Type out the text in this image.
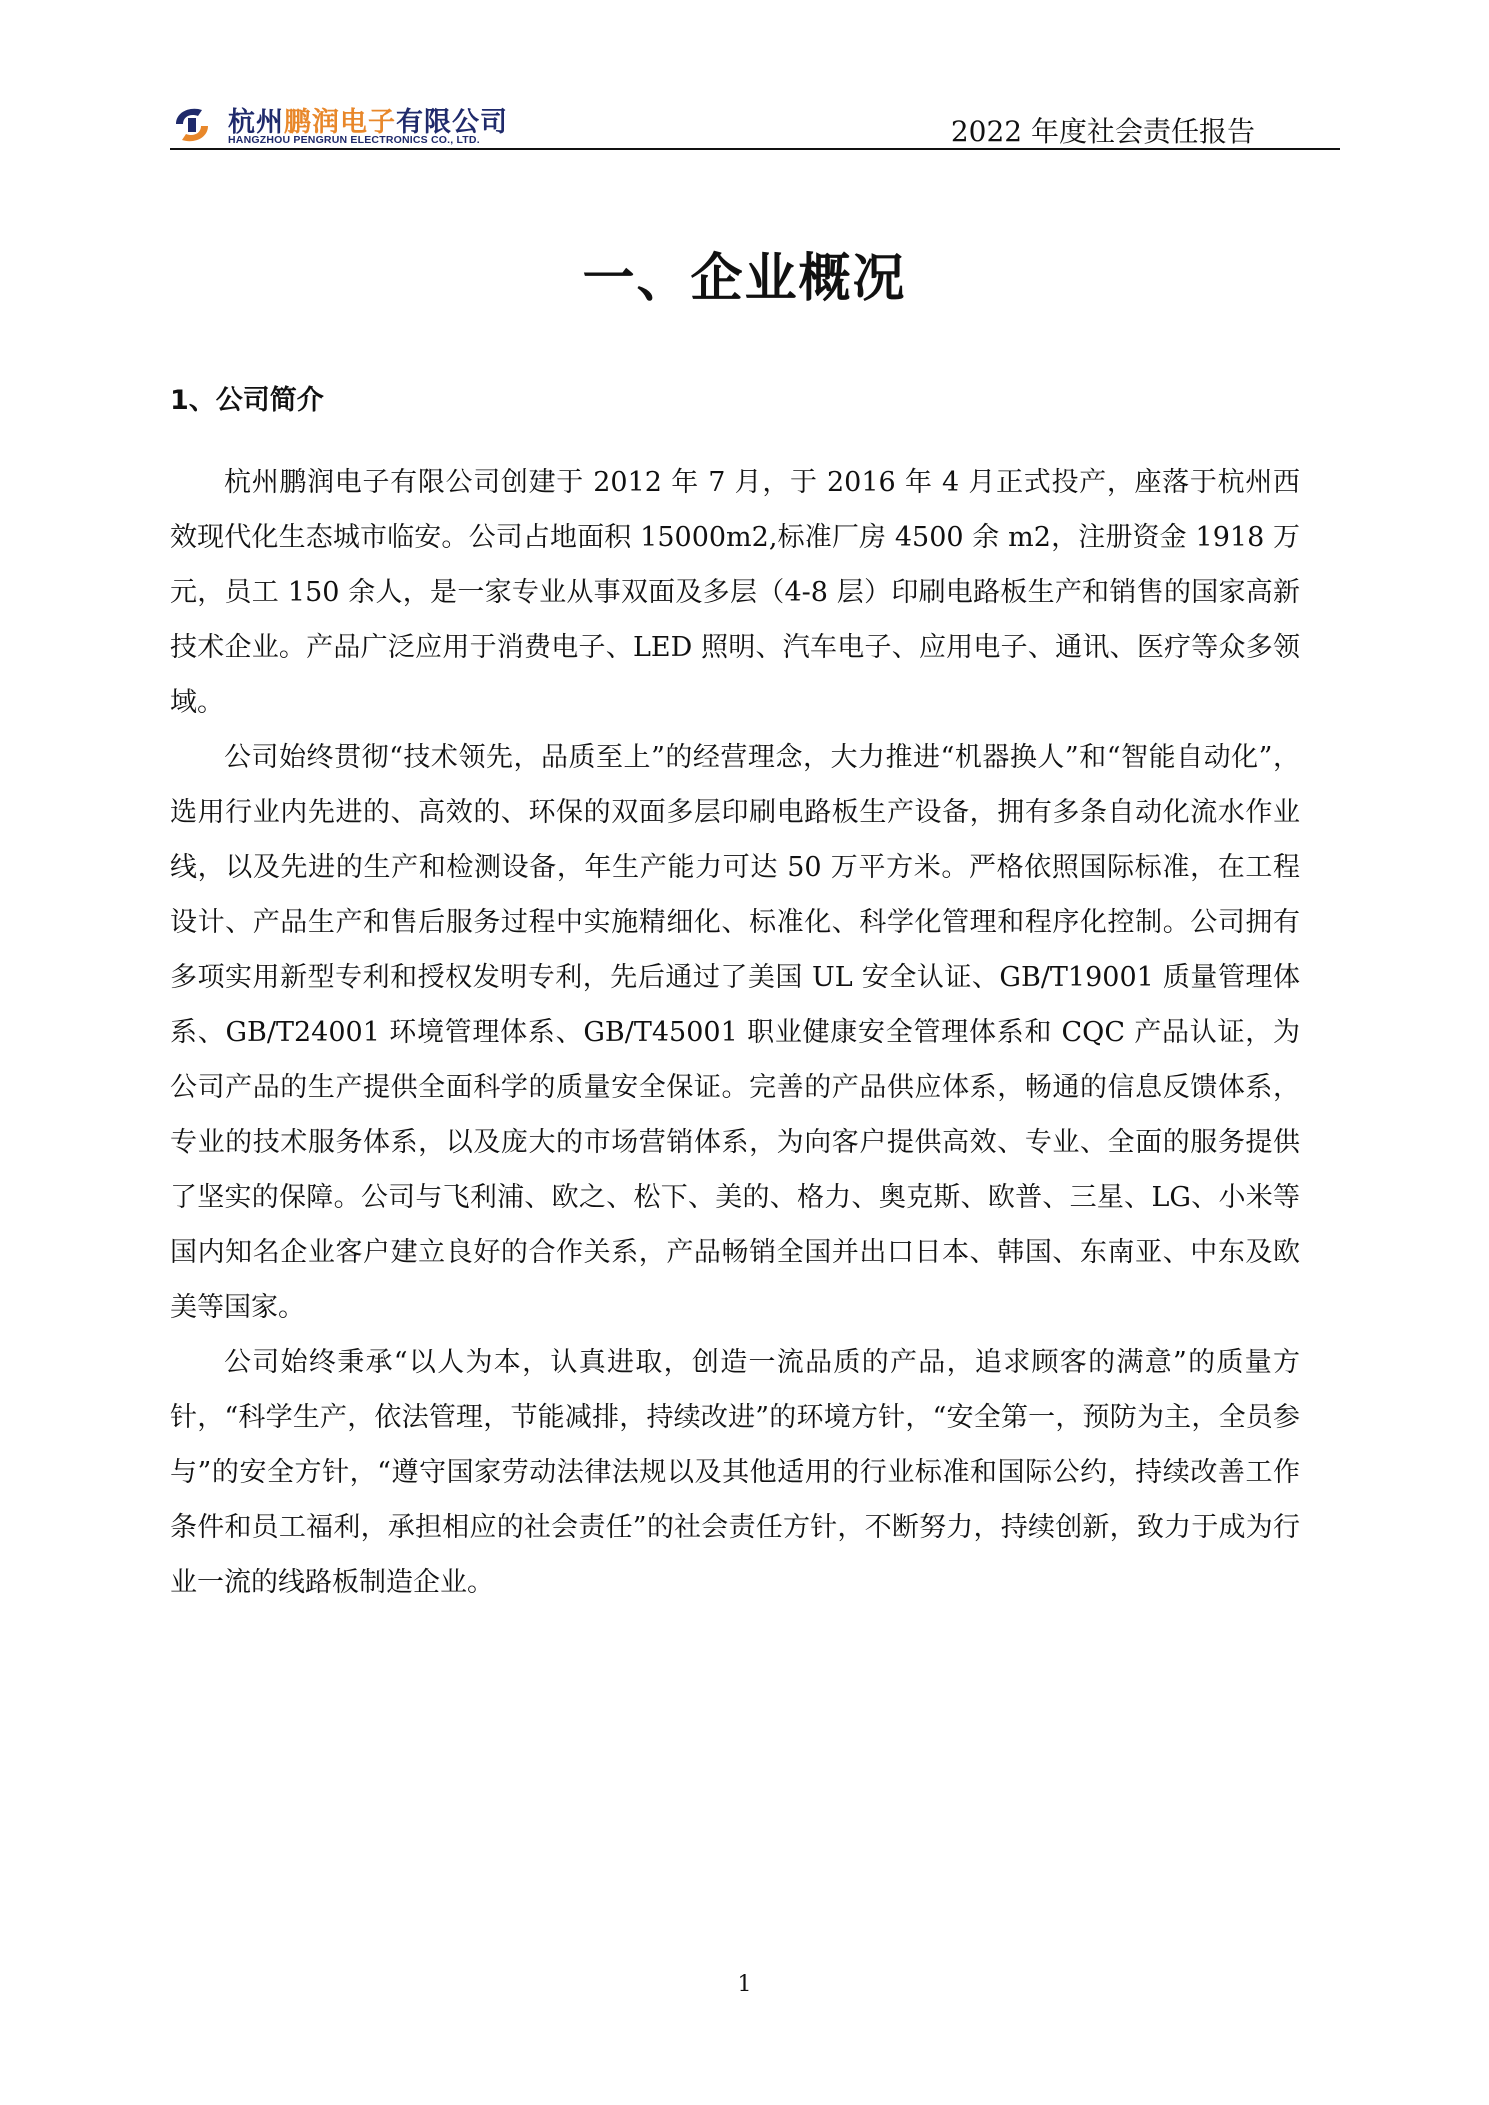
杭州鹏润电子有限公司
HANGZHOU PENGRUN ELECTRONICS CO., LTD.	2022 年度社会责任报告
一、企业概况
1、公司简介

杭州鹏润电子有限公司创建于 2012 年 7 月，于 2016 年 4 月正式投产，座落于杭州西效现代化生态城市临安。公司占地面积 15000m2,标准厂房 4500 余 m2，注册资金 1918 万元，员工 150 余人，是一家专业从事双面及多层（4-8 层）印刷电路板生产和销售的国家高新技术企业。产品广泛应用于消费电子、LED 照明、汽车电子、应用电子、通讯、医疗等众多领域。

公司始终贯彻“技术领先，品质至上”的经营理念，大力推进“机器换人”和“智能自动化”，选用行业内先进的、高效的、环保的双面多层印刷电路板生产设备，拥有多条自动化流水作业线，以及先进的生产和检测设备，年生产能力可达 50 万平方米。严格依照国际标准，在工程设计、产品生产和售后服务过程中实施精细化、标准化、科学化管理和程序化控制。公司拥有多项实用新型专利和授权发明专利，先后通过了美国 UL 安全认证、GB/T19001 质量管理体系、GB/T24001 环境管理体系、GB/T45001 职业健康安全管理体系和 CQC 产品认证，为公司产品的生产提供全面科学的质量安全保证。完善的产品供应体系，畅通的信息反馈体系，专业的技术服务体系，以及庞大的市场营销体系，为向客户提供高效、专业、全面的服务提供了坚实的保障。公司与飞利浦、欧之、松下、美的、格力、奥克斯、欧普、三星、LG、小米等国内知名企业客户建立良好的合作关系，产品畅销全国并出口日本、韩国、东南亚、中东及欧美等国家。

公司始终秉承“以人为本，认真进取，创造一流品质的产品，追求顾客的满意”的质量方针，“科学生产，依法管理，节能减排，持续改进”的环境方针，“安全第一，预防为主，全员参与”的安全方针，“遵守国家劳动法律法规以及其他适用的行业标准和国际公约，持续改善工作条件和员工福利，承担相应的社会责任”的社会责任方针，不断努力，持续创新，致力于成为行业一流的线路板制造企业。

1
